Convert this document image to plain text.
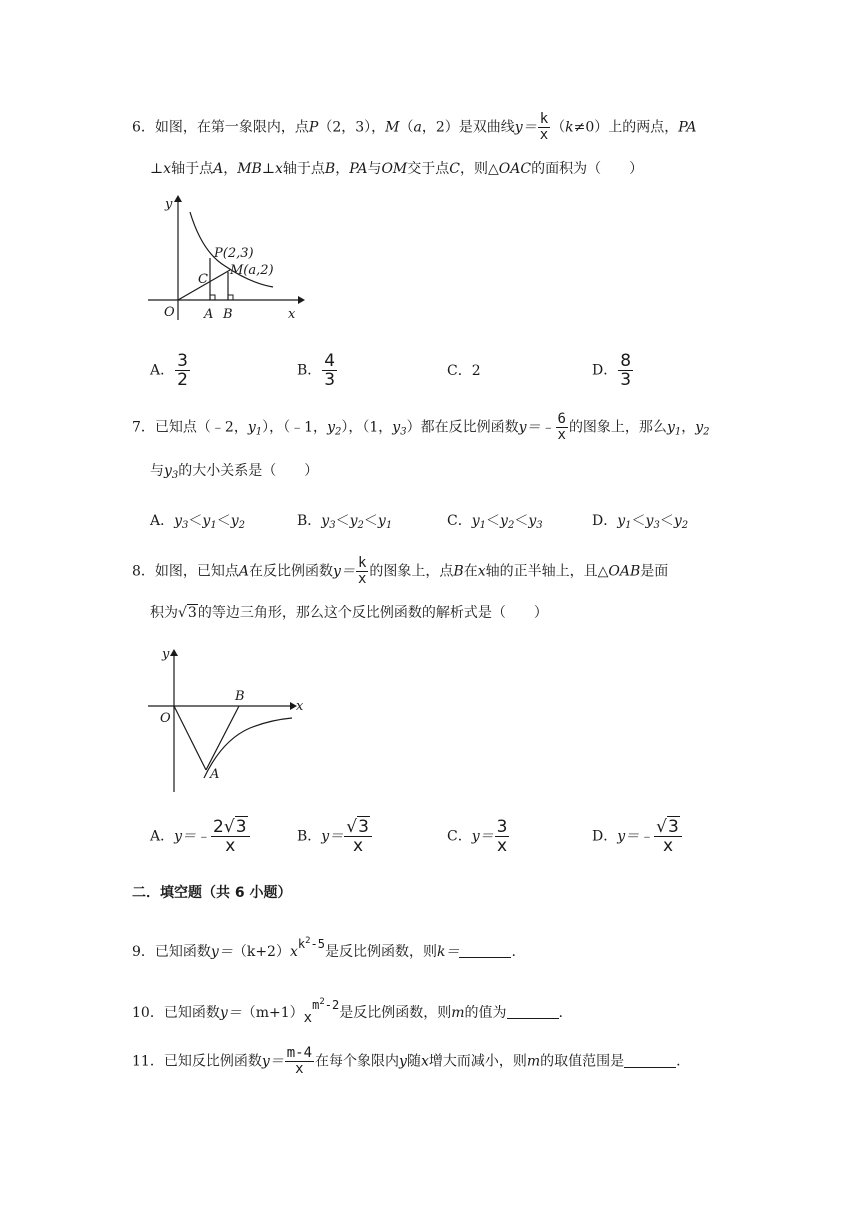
6．如图，在第一象限内，点P（2，3），M（a，2）是双曲线$y= \frac{k}{x} (k\ne 0)$上的两点，PA
⊥x轴于点A，MB⊥x轴于点B，PA与OM交于点C，则△OAC的面积为（　　）
y
x
O A B
C
P(2,3)
M(a,2)
A． $\frac{3}{2}$	B． $\frac{4}{3}$	C．2	D． $\frac{8}{3}$
7．已知点（﹣2，$y_1$），（﹣1，$y_2$），（1，$y_3$）都在反比例函数y＝﹣ $\frac{6}{x}$ 的图象上，那么$y_1$，$y_2$
与$y_3$的大小关系是（　　）
A．$y_3<y_1<y_2$	B．$y_3<y_2<y_1$	C．$y_1<y_2<y_3$	D．$y_1<y_3<y_2$
8．如图，已知点A在反比例函数$y= \frac{k}{x}$ 的图象上，点B在x轴的正半轴上，且△OAB是面
积为√3的等边三角形，那么这个反比例函数的解析式是（　　）
y
x
O
B
A
A．y＝﹣ $\frac{2√3}{x}$	B．$y= \frac{√3}{x}$	C．$y= \frac{3}{x}$	D．y＝﹣ $\frac{√3}{x}$
二．填空题（共 6 小题）
9．已知函数$y=(k+2)xk^2-5$是反比例函数，则k＝	.
10．已知函数$y=(m+1)xm^2-2$是反比例函数，则m的值为	.
11．已知反比例函数$y= \frac{m-4}{x}$ 在每个象限内y随x增大而减小，则m的取值范围是	.
